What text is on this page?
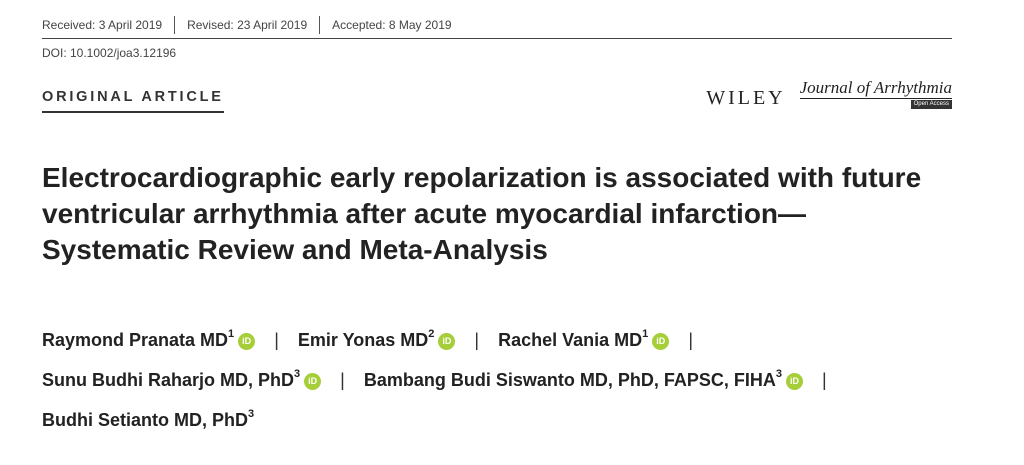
Received: 3 April 2019	Revised: 23 April 2019	Accepted: 8 May 2019
DOI: 10.1002/joa3.12196
ORIGINAL ARTICLE	WILEY Journal of Arrhythmia
Open Access
Electrocardiographic early repolarization is associated with future ventricular arrhythmia after acute myocardial infarction—Systematic Review and Meta-Analysis
Raymond Pranata $MD^1iD$ | Emir Yonas $MD^2iD$ | Rachel Vania $MD^1iD$ |
Sunu Budhi Raharjo MD, PhD$^3$iD | Bambang Budi Siswanto MD, PhD, FAPSC, FIHA$^3$iD |
Budhi Setianto MD, PhD$^3$
